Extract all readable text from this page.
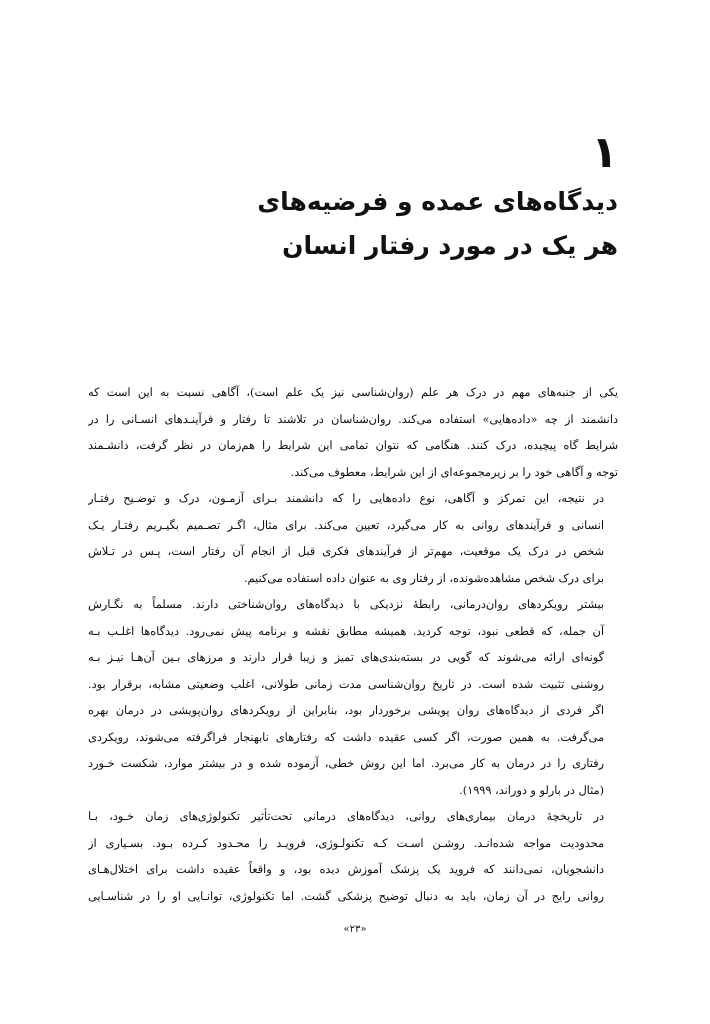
۱

دیدگاه‌های عمده و فرضیه‌های
هر یک در مورد رفتار انسان

یکی از جنبه‌های مهم در درک هر علم (روان‌شناسی نیز یک علم است)، آگاهی نسبت به این است که
دانشمند از چه «داده‌هایی» استفاده می‌کند. روان‌شناسان در تلاشند تا رفتار و فرآینـدهای انسـانی را در
شرایط گاه پیچیده، درک کنند. هنگامی که نتوان تمامی این شرایط را هم‌زمان در نظر گرفت، دانشـمند
توجه و آگاهی خود را بر زیرمجموعه‌ای از این شرایط، معطوف می‌کند.

در نتیجه، این تمرکز و آگاهی، نوع داده‌هایی را که دانشمند بـرای آزمـون، درک و توضـیح رفتـار
انسانی و فرآیندهای روانی به کار می‌گیرد، تعیین می‌کند. برای مثال، اگـر تصـمیم بگیـریم رفتـار یـک
شخص در درک یک موقعیت، مهم‌تر از فرآیندهای فکری قبل از انجام آن رفتار است، پـس در تـلاش
برای درک شخص مشاهده‌شونده، از رفتار وی به عنوان داده استفاده می‌کنیم.

بیشتر رویکردهای روان‌درمانی، رابطهٔ نزدیکی با دیدگاه‌های روان‌شناختی دارند. مسلماً به نگـارش
آن جمله، که قطعی نبود، توجه کردید. همیشه مطابق نقشه و برنامه پیش نمی‌رود. دیدگاه‌ها اغلـب بـه
گونه‌ای ارائه می‌شوند که گویی در بسته‌بندی‌های تمیز و زیبا قرار دارند و مرزهای بـین آن‌هـا نیـز بـه
روشنی تثبیت شده است. در تاریخ روان‌شناسی مدت زمانی طولانی، اغلب وضعیتی مشابه، برقرار بود.
اگر فردی از دیدگاه‌های روان پویشی برخوردار بود، بنابراین از رویکردهای روان‌پویشی در درمان بهره
می‌گرفت. به همین صورت، اگر کسی عقیده داشت که رفتارهای نابهنجار فراگرفته می‌شوند، رویکردی
رفتاری را در درمان به کار می‌برد. اما این روش خطی، آزموده شده و در بیشتر موارد، شکست خـورد
(مثال در بارلو و دوراند، ۱۹۹۹).

در تاریخچهٔ درمان بیماری‌های روانی، دیدگاه‌های درمانی تحت‌تأثیر تکنولوژی‌های زمان خـود، بـا
محدودیت مواجه شده‌انـد. روشـن اسـت کـه تکنولـوژی، فرویـد را محـدود کـرده بـود. بسـیاری از
دانشجویان، نمی‌دانند که فروید یک پزشک آموزش دیده بود، و واقعاً عقیده داشت برای اختلال‌هـای
روانی رایج در آن زمان، باید به دنبال توضیح پزشکی گشت. اما تکنولوژی، توانـایی او را در شناسـایی

«۲۳»
